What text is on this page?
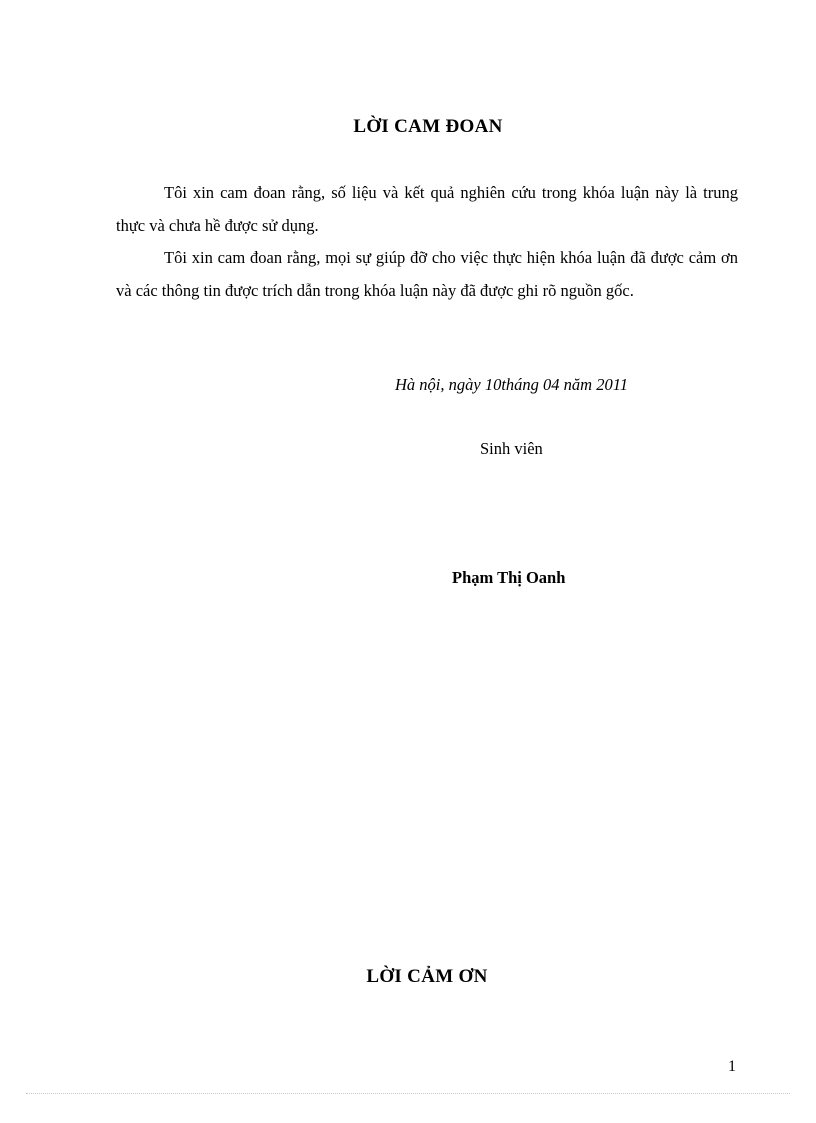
LỜI CAM ĐOAN
Tôi xin cam đoan rằng, số liệu và kết quả nghiên cứu trong khóa luận này là trung thực và chưa hề được sử dụng.
Tôi xin cam đoan rằng, mọi sự giúp đỡ cho việc thực hiện khóa luận đã được cảm ơn và các thông tin được trích dẫn trong khóa luận này đã được ghi rõ nguồn gốc.
Hà nội, ngày 10tháng 04 năm 2011
Sinh viên
Phạm Thị Oanh
LỜI CẢM ƠN
1
